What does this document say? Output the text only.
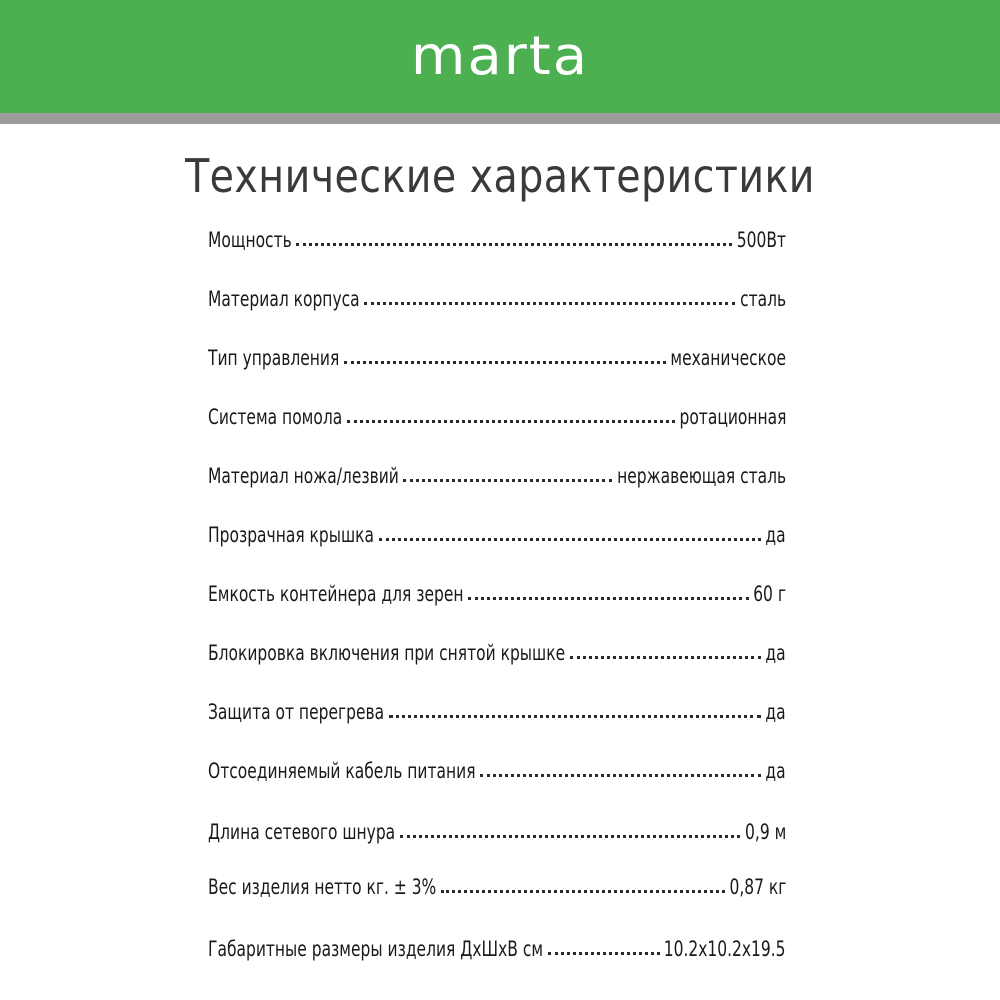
marta
Технические характеристики
Мощность	500Вт
Материал корпуса	сталь
Тип управления	механическое
Система помола	ротационная
Материал ножа/лезвий	нержавеющая сталь
Прозрачная крышка	да
Емкость контейнера для зерен	60 г
Блокировка включения при снятой крышке	да
Защита от перегрева	да
Отсоединяемый кабель питания	да
Длина сетевого шнура	0,9 м
Вес изделия нетто кг. ± 3%	0,87 кг
Габаритные размеры изделия ДхШхВ см	10.2x10.2x19.5
